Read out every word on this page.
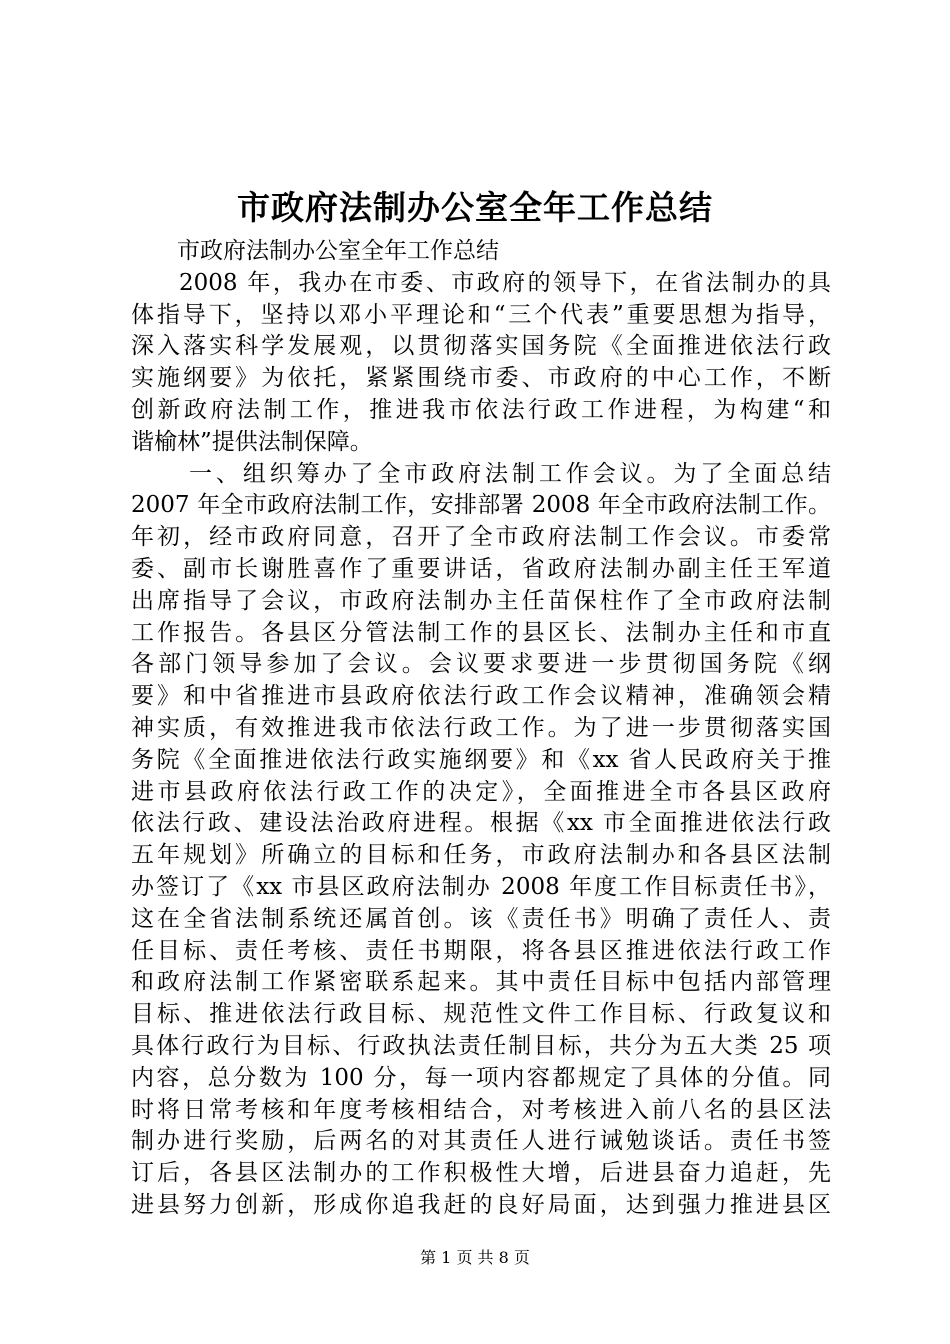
市政府法制办公室全年工作总结
市政府法制办公室全年工作总结
2008 年，我办在市委、市政府的领导下，在省法制办的具
体指导下，坚持以邓小平理论和“三个代表”重要思想为指导，
深入落实科学发展观，以贯彻落实国务院《全面推进依法行政
实施纲要》为依托，紧紧围绕市委、市政府的中心工作，不断
创新政府法制工作，推进我市依法行政工作进程，为构建“和
谐榆林”提供法制保障。
一、组织筹办了全市政府法制工作会议。为了全面总结
2007 年全市政府法制工作，安排部署 2008 年全市政府法制工作。
年初，经市政府同意，召开了全市政府法制工作会议。市委常
委、副市长谢胜喜作了重要讲话，省政府法制办副主任王军道
出席指导了会议，市政府法制办主任苗保柱作了全市政府法制
工作报告。各县区分管法制工作的县区长、法制办主任和市直
各部门领导参加了会议。会议要求要进一步贯彻国务院《纲
要》和中省推进市县政府依法行政工作会议精神，准确领会精
神实质，有效推进我市依法行政工作。为了进一步贯彻落实国
务院《全面推进依法行政实施纲要》和《xx 省人民政府关于推
进市县政府依法行政工作的决定》，全面推进全市各县区政府
依法行政、建设法治政府进程。根据《xx 市全面推进依法行政
五年规划》所确立的目标和任务，市政府法制办和各县区法制
办签订了《xx 市县区政府法制办 2008 年度工作目标责任书》，
这在全省法制系统还属首创。该《责任书》明确了责任人、责
任目标、责任考核、责任书期限，将各县区推进依法行政工作
和政府法制工作紧密联系起来。其中责任目标中包括内部管理
目标、推进依法行政目标、规范性文件工作目标、行政复议和
具体行政行为目标、行政执法责任制目标，共分为五大类 25 项
内容，总分数为 100 分，每一项内容都规定了具体的分值。同
时将日常考核和年度考核相结合，对考核进入前八名的县区法
制办进行奖励，后两名的对其责任人进行诫勉谈话。责任书签
订后，各县区法制办的工作积极性大增，后进县奋力追赶，先
进县努力创新，形成你追我赶的良好局面，达到强力推进县区
第 1 页 共 8 页
